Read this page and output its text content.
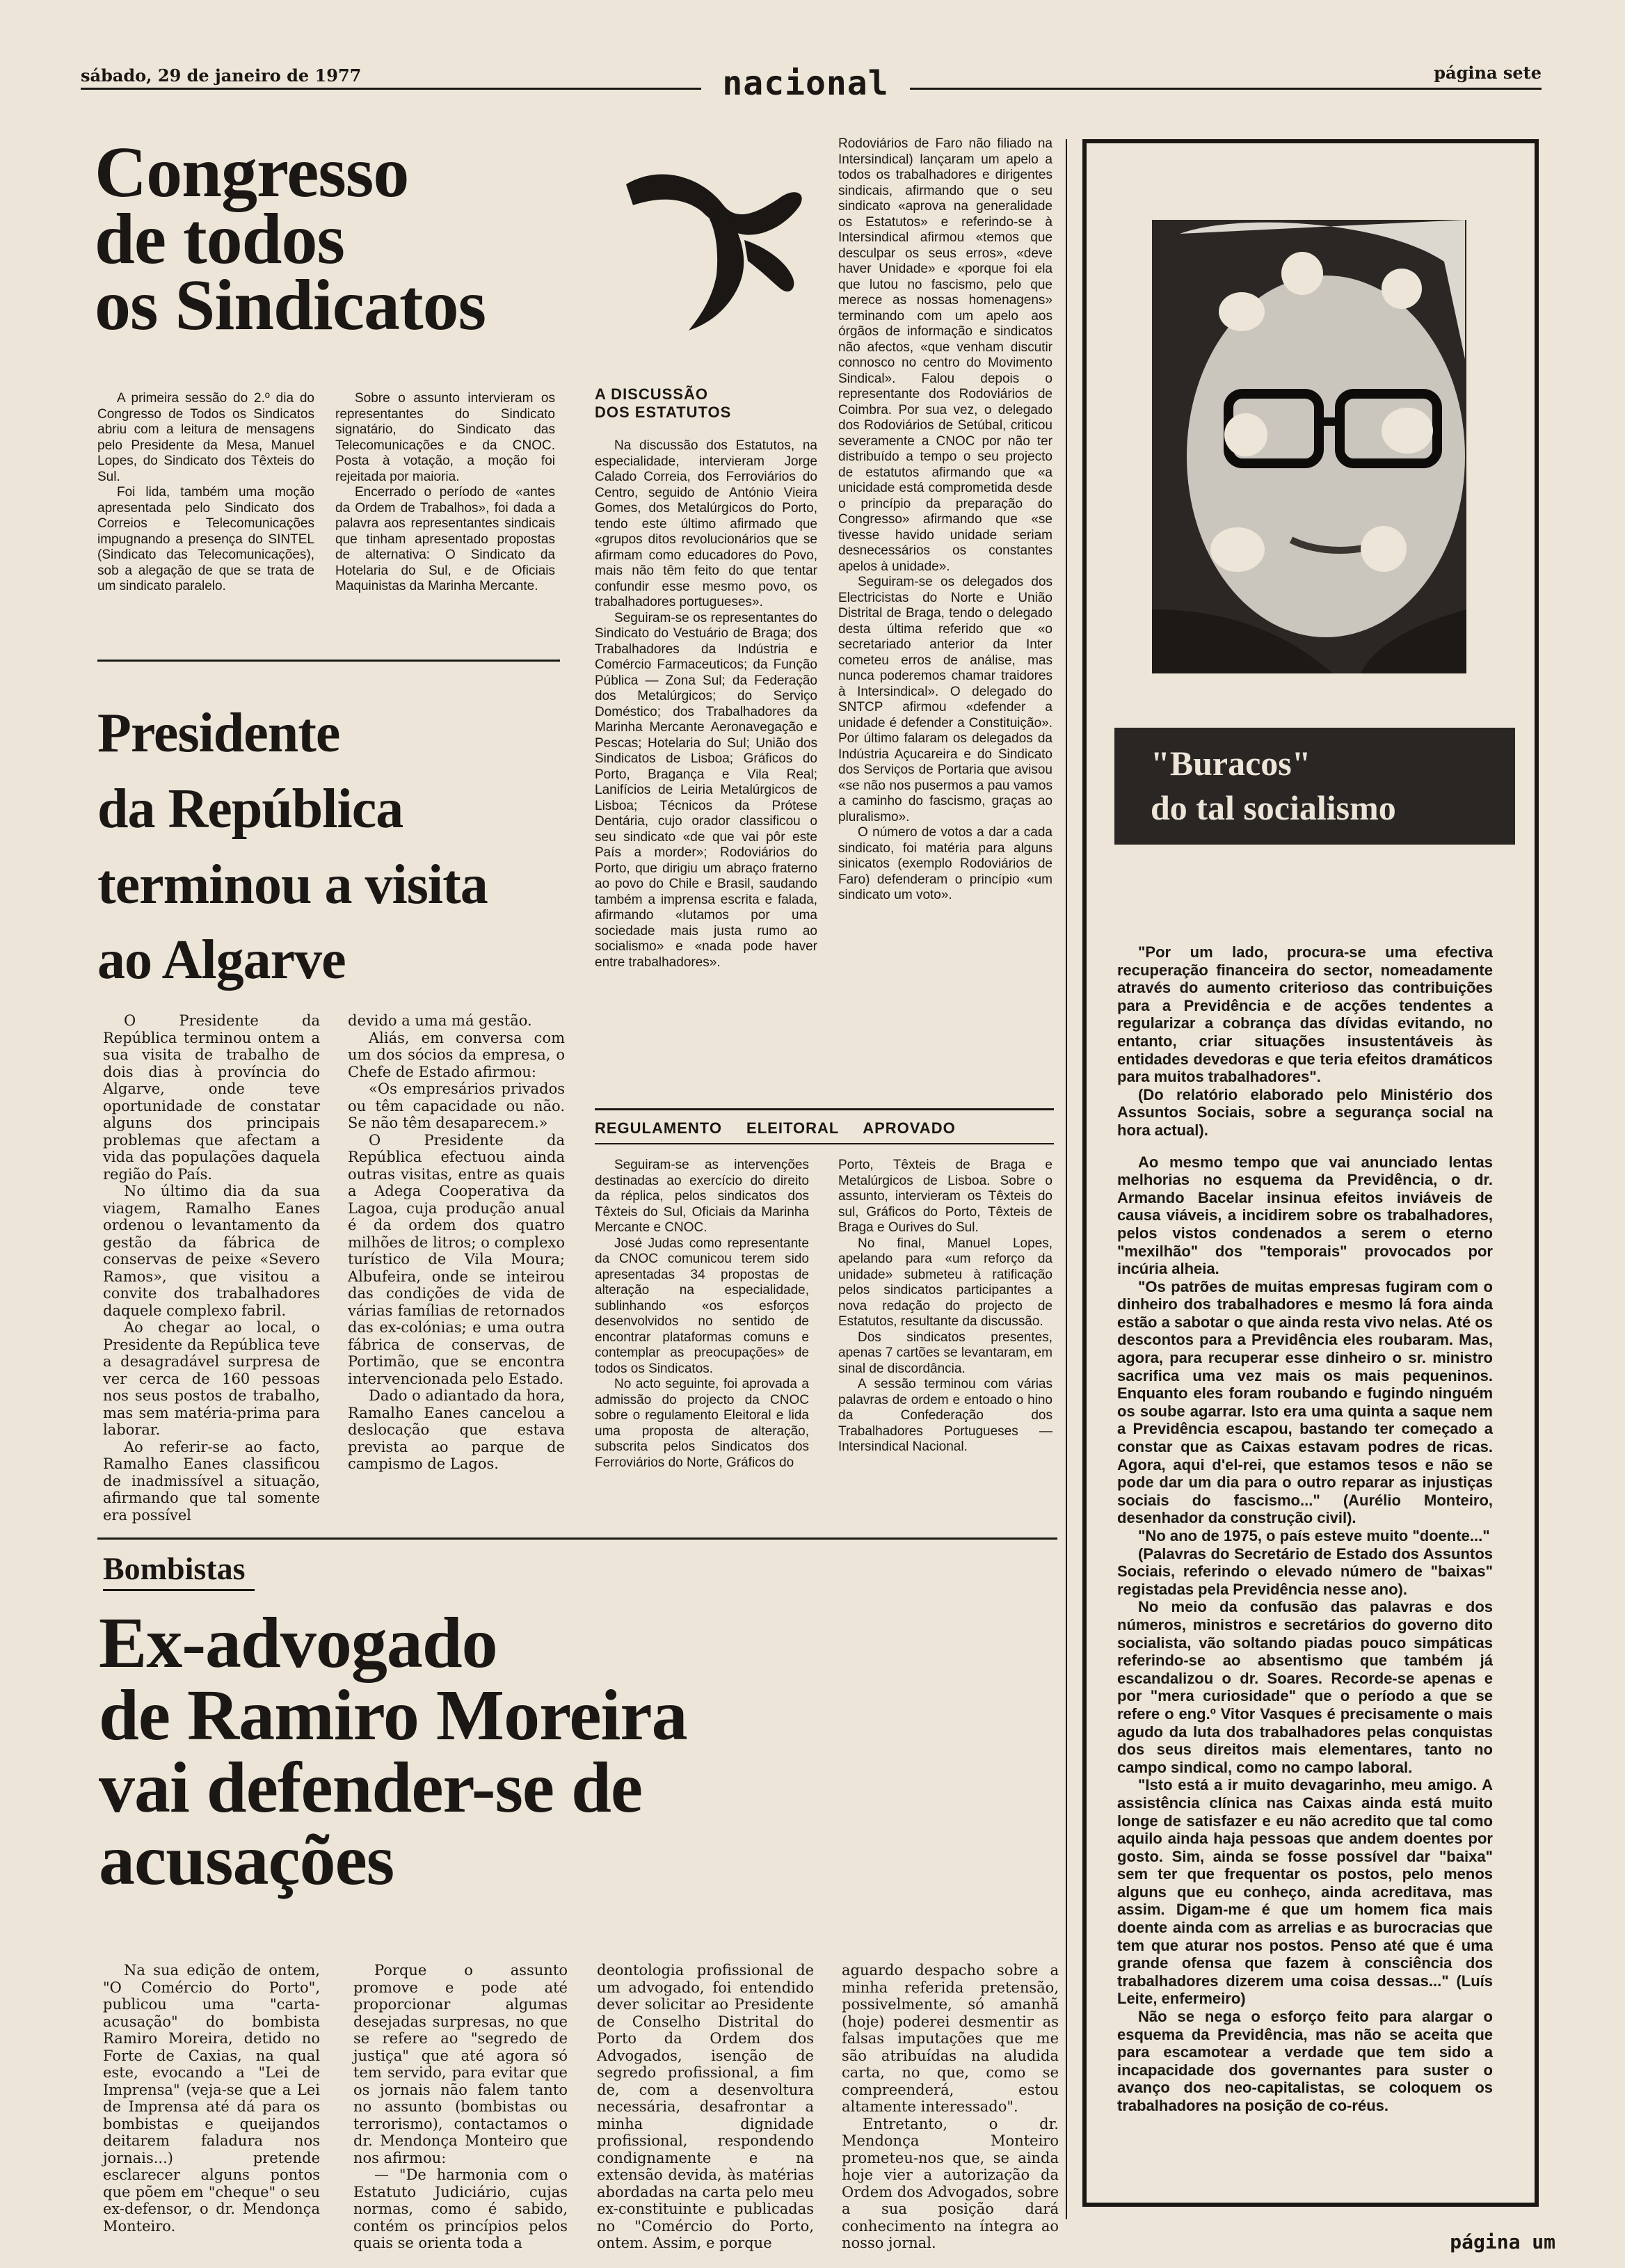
sábado, 29 de janeiro de 1977	nacional	página sete
Congresso
de todos
os Sindicatos

A primeira sessão do 2.º dia do Congresso de Todos os Sindicatos abriu com a leitura de mensagens pelo Presidente da Mesa, Manuel Lopes, do Sindicato dos Têxteis do Sul.

Foi lida, também uma moção apresentada pelo Sindicato dos Correios e Telecomunicações impugnando a presença do SINTEL (Sindicato das Telecomunicações), sob a alegação de que se trata de um sindicato paralelo.

Sobre o assunto intervieram os representantes do Sindicato signatário, do Sindicato das Telecomunicações e da CNOC. Posta à votação, a moção foi rejeitada por maioria.

Encerrado o período de «antes da Ordem de Trabalhos», foi dada a palavra aos representantes sindicais que tinham apresentado propostas de alternativa: O Sindicato da Hotelaria do Sul, e de Oficiais Maquinistas da Marinha Mercante.

A DISCUSSÃO
DOS ESTATUTOS

Na discussão dos Estatutos, na especialidade, intervieram Jorge Calado Correia, dos Ferroviários do Centro, seguido de António Vieira Gomes, dos Metalúrgicos do Porto, tendo este último afirmado que «grupos ditos revolucionários que se afirmam como educadores do Povo, mais não têm feito do que tentar confundir esse mesmo povo, os trabalhadores portugueses».

Seguiram-se os representantes do Sindicato do Vestuário de Braga; dos Trabalhadores da Indústria e Comércio Farmaceuticos; da Função Pública — Zona Sul; da Federação dos Metalúrgicos; do Serviço Doméstico; dos Trabalhadores da Marinha Mercante Aeronavegação e Pescas; Hotelaria do Sul; União dos Sindicatos de Lisboa; Gráficos do Porto, Bragança e Vila Real; Lanifícios de Leiria Metalúrgicos de Lisboa; Técnicos da Prótese Dentária, cujo orador classificou o seu sindicato «de que vai pôr este País a morder»; Rodoviários do Porto, que dirigiu um abraço fraterno ao povo do Chile e Brasil, saudando também a imprensa escrita e falada, afirmando «lutamos por uma sociedade mais justa rumo ao socialismo» e «nada pode haver entre trabalhadores».

Rodoviários de Faro não filiado na Intersindical) lançaram um apelo a todos os trabalhadores e dirigentes sindicais, afirmando que o seu sindicato «aprova na generalidade os Estatutos» e referindo-se à Intersindical afirmou «temos que desculpar os seus erros», «deve haver Unidade» e «porque foi ela que lutou no fascismo, pelo que merece as nossas homenagens» terminando com um apelo aos órgãos de informação e sindicatos não afectos, «que venham discutir connosco no centro do Movimento Sindical». Falou depois o representante dos Rodoviários de Coimbra. Por sua vez, o delegado dos Rodoviários de Setúbal, criticou severamente a CNOC por não ter distribuído a tempo o seu projecto de estatutos afirmando que «a unicidade está comprometida desde o princípio da preparação do Congresso» afirmando que «se tivesse havido unidade seriam desnecessários os constantes apelos à unidade».

Seguiram-se os delegados dos Electricistas do Norte e União Distrital de Braga, tendo o delegado desta última referido que «o secretariado anterior da Inter cometeu erros de análise, mas nunca poderemos chamar traidores à Intersindical». O delegado do SNTCP afirmou «defender a unidade é defender a Constituição». Por último falaram os delegados da Indústria Açucareira e do Sindicato dos Serviços de Portaria que avisou «se não nos pusermos a pau vamos a caminho do fascismo, graças ao pluralismo».

O número de votos a dar a cada sindicato, foi matéria para alguns sinicatos (exemplo Rodoviários de Faro) defenderam o princípio «um sindicato um voto».

REGULAMENTO ELEITORAL APROVADO

Seguiram-se as intervenções destinadas ao exercício do direito da réplica, pelos sindicatos dos Têxteis do Sul, Oficiais da Marinha Mercante e CNOC.

José Judas como representante da CNOC comunicou terem sido apresentadas 34 propostas de alteração na especialidade, sublinhando «os esforços desenvolvidos no sentido de encontrar plataformas comuns e contemplar as preocupações» de todos os Sindicatos.

No acto seguinte, foi aprovada a admissão do projecto da CNOC sobre o regulamento Eleitoral e lida uma proposta de alteração, subscrita pelos Sindicatos dos Ferroviários do Norte, Gráficos do

Porto, Têxteis de Braga e Metalúrgicos de Lisboa. Sobre o assunto, intervieram os Têxteis do sul, Gráficos do Porto, Têxteis de Braga e Ourives do Sul.

No final, Manuel Lopes, apelando para «um reforço da unidade» submeteu à ratificação pelos sindicatos participantes a nova redação do projecto de Estatutos, resultante da discussão.

Dos sindicatos presentes, apenas 7 cartões se levantaram, em sinal de discordância.

A sessão terminou com várias palavras de ordem e entoado o hino da Confederação dos Trabalhadores Portugueses — Intersindical Nacional.

Presidente
da República
terminou a visita
ao Algarve

O Presidente da República terminou ontem a sua visita de trabalho de dois dias à província do Algarve, onde teve oportunidade de constatar alguns dos principais problemas que afectam a vida das populações daquela região do País.

No último dia da sua viagem, Ramalho Eanes ordenou o levantamento da gestão da fábrica de conservas de peixe «Severo Ramos», que visitou a convite dos trabalhadores daquele complexo fabril.

Ao chegar ao local, o Presidente da República teve a desagradável surpresa de ver cerca de 160 pessoas nos seus postos de trabalho, mas sem matéria-prima para laborar.

Ao referir-se ao facto, Ramalho Eanes classificou de inadmissível a situação, afirmando que tal somente era possível

devido a uma má gestão.

Aliás, em conversa com um dos sócios da empresa, o Chefe de Estado afirmou:

«Os empresários privados ou têm capacidade ou não. Se não têm desaparecem.»

O Presidente da República efectuou ainda outras visitas, entre as quais a Adega Cooperativa da Lagoa, cuja produção anual é da ordem dos quatro milhões de litros; o complexo turístico de Vila Moura; Albufeira, onde se inteirou das condições de vida de várias famílias de retornados das ex-colónias; e uma outra fábrica de conservas, de Portimão, que se encontra intervencionada pelo Estado.

Dado o adiantado da hora, Ramalho Eanes cancelou a deslocação que estava prevista ao parque de campismo de Lagos.

Bombistas
Ex-advogado
de Ramiro Moreira
vai defender-se de
acusações

Na sua edição de ontem, "O Comércio do Porto", publicou uma "carta-acusação" do bombista Ramiro Moreira, detido no Forte de Caxias, na qual este, evocando a "Lei de Imprensa" (veja-se que a Lei de Imprensa até dá para os bombistas e queijandos deitarem faladura nos jornais...) pretende esclarecer alguns pontos que põem em "cheque" o seu ex-defensor, o dr. Mendonça Monteiro.

Porque o assunto promove e pode até proporcionar algumas desejadas surpresas, no que se refere ao "segredo de justiça" que até agora só tem servido, para evitar que os jornais não falem tanto no assunto (bombistas ou terrorismo), contactamos o dr. Mendonça Monteiro que nos afirmou:

— "De harmonia com o Estatuto Judiciário, cujas normas, como é sabido, contém os princípios pelos quais se orienta toda a

deontologia profissional de um advogado, foi entendido dever solicitar ao Presidente de Conselho Distrital do Porto da Ordem dos Advogados, isenção de segredo profissional, a fim de, com a desenvoltura necessária, desafrontar a minha dignidade profissional, respondendo condignamente e na extensão devida, às matérias abordadas na carta pelo meu ex-constituinte e publicadas no "Comércio do Porto, ontem. Assim, e porque

aguardo despacho sobre a minha referida pretensão, possivelmente, só amanhã (hoje) poderei desmentir as falsas imputações que me são atribuídas na aludida carta, no que, como se compreenderá, estou altamente interessado".

Entretanto, o dr. Mendonça Monteiro prometeu-nos que, se ainda hoje vier a autorização da Ordem dos Advogados, sobre a sua posição dará conhecimento na íntegra ao nosso jornal.

"Buracos"
do tal socialismo

"Por um lado, procura-se uma efectiva recuperação financeira do sector, nomeadamente através do aumento criterioso das contribuições para a Previdência e de acções tendentes a regularizar a cobrança das dívidas evitando, no entanto, criar situações insustentáveis às entidades devedoras e que teria efeitos dramáticos para muitos trabalhadores".

(Do relatório elaborado pelo Ministério dos Assuntos Sociais, sobre a segurança social na hora actual).

Ao mesmo tempo que vai anunciado lentas melhorias no esquema da Previdência, o dr. Armando Bacelar insinua efeitos inviáveis de causa viáveis, a incidirem sobre os trabalhadores, pelos vistos condenados a serem o eterno "mexilhão" dos "temporais" provocados por incúria alheia.

"Os patrões de muitas empresas fugiram com o dinheiro dos trabalhadores e mesmo lá fora ainda estão a sabotar o que ainda resta vivo nelas. Até os descontos para a Previdência eles roubaram. Mas, agora, para recuperar esse dinheiro o sr. ministro sacrifica uma vez mais os mais pequeninos. Enquanto eles foram roubando e fugindo ninguém os soube agarrar. Isto era uma quinta a saque nem a Previdência escapou, bastando ter começado a constar que as Caixas estavam podres de ricas. Agora, aqui d'el-rei, que estamos tesos e não se pode dar um dia para o outro reparar as injustiças sociais do fascismo..." (Aurélio Monteiro, desenhador da construção civil).

"No ano de 1975, o país esteve muito "doente..."

(Palavras do Secretário de Estado dos Assuntos Sociais, referindo o elevado número de "baixas" registadas pela Previdência nesse ano).

No meio da confusão das palavras e dos números, ministros e secretários do governo dito socialista, vão soltando piadas pouco simpáticas referindo-se ao absentismo que também já escandalizou o dr. Soares. Recorde-se apenas e por "mera curiosidade" que o período a que se refere o eng.º Vitor Vasques é precisamente o mais agudo da luta dos trabalhadores pelas conquistas dos seus direitos mais elementares, tanto no campo sindical, como no campo laboral.

"Isto está a ir muito devagarinho, meu amigo. A assistência clínica nas Caixas ainda está muito longe de satisfazer e eu não acredito que tal como aquilo ainda haja pessoas que andem doentes por gosto. Sim, ainda se fosse possível dar "baixa" sem ter que frequentar os postos, pelo menos alguns que eu conheço, ainda acreditava, mas assim. Digam-me é que um homem fica mais doente ainda com as arrelias e as burocracias que tem que aturar nos postos. Penso até que é uma grande ofensa que fazem à consciência dos trabalhadores dizerem uma coisa dessas..." (Luís Leite, enfermeiro)

Não se nega o esforço feito para alargar o esquema da Previdência, mas não se aceita que para escamotear a verdade que tem sido a incapacidade dos governantes para suster o avanço dos neo-capitalistas, se coloquem os trabalhadores na posição de co-réus.

página um
